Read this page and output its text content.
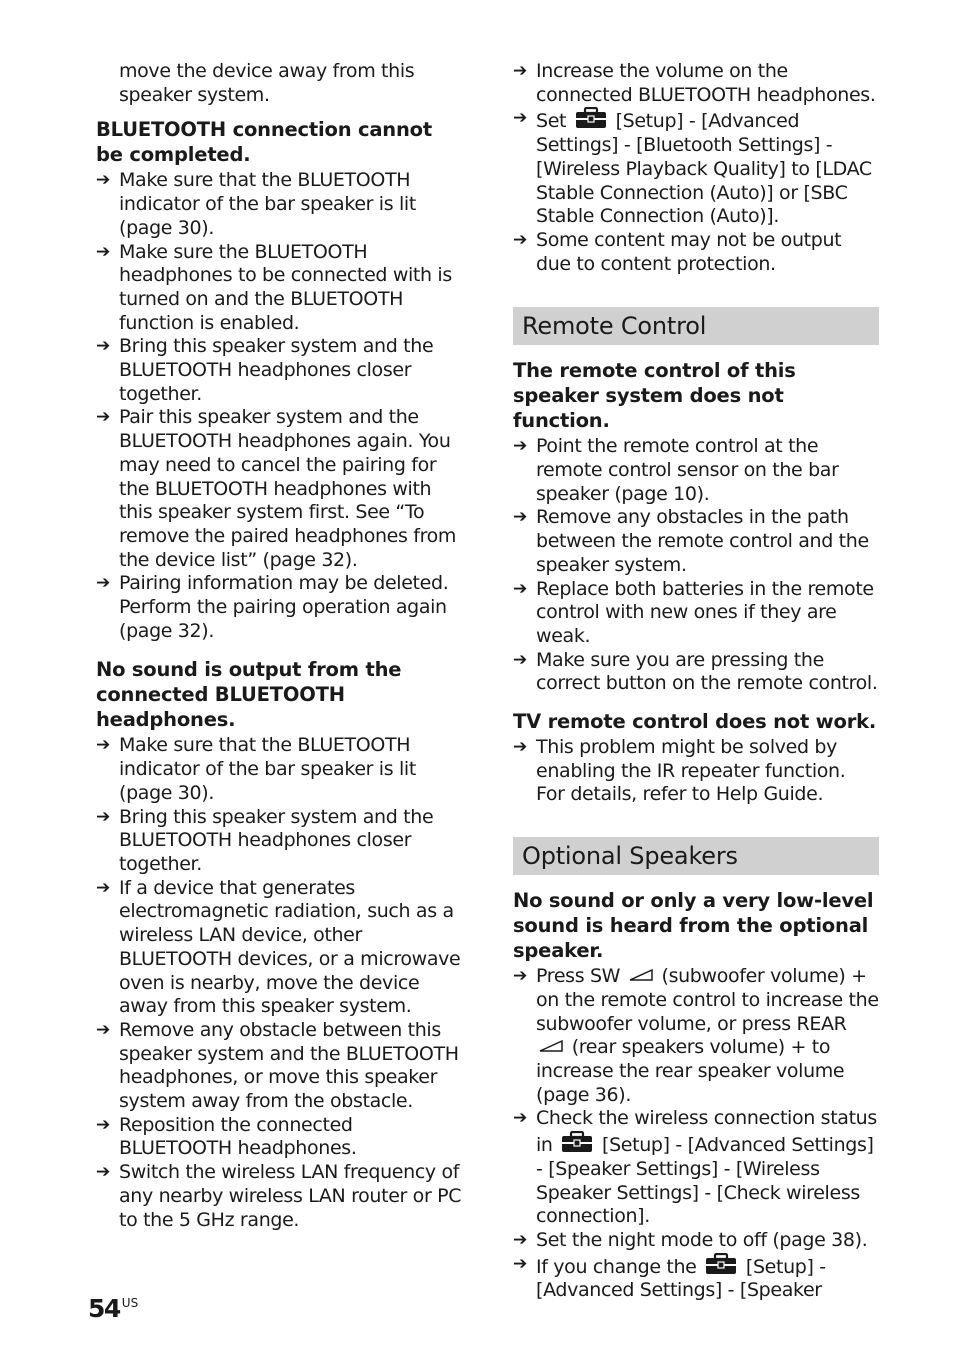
move the device away from this speaker system.

BLUETOOTH connection cannot be completed.
➔ Make sure that the BLUETOOTH indicator of the bar speaker is lit (page 30).
➔ Make sure the BLUETOOTH headphones to be connected with is turned on and the BLUETOOTH function is enabled.
➔ Bring this speaker system and the BLUETOOTH headphones closer together.
➔ Pair this speaker system and the BLUETOOTH headphones again. You may need to cancel the pairing for the BLUETOOTH headphones with this speaker system first. See “To remove the paired headphones from the device list” (page 32).
➔ Pairing information may be deleted. Perform the pairing operation again (page 32).
No sound is output from the connected BLUETOOTH headphones.
➔ Make sure that the BLUETOOTH indicator of the bar speaker is lit (page 30).
➔ Bring this speaker system and the BLUETOOTH headphones closer together.
➔ If a device that generates electromagnetic radiation, such as a wireless LAN device, other BLUETOOTH devices, or a microwave oven is nearby, move the device away from this speaker system.
➔ Remove any obstacle between this speaker system and the BLUETOOTH headphones, or move this speaker system away from the obstacle.
➔ Reposition the connected BLUETOOTH headphones.
➔ Switch the wireless LAN frequency of any nearby wireless LAN router or PC to the 5 GHz range.
➔ Increase the volume on the connected BLUETOOTH headphones.
➔ Set	[Setup] - [Advanced Settings] - [Bluetooth Settings] - [Wireless Playback Quality] to [LDAC Stable Connection (Auto)] or [SBC Stable Connection (Auto)].
➔ Some content may not be output due to content protection.
Remote Control
The remote control of this speaker system does not function.
➔ Point the remote control at the remote control sensor on the bar speaker (page 10).
➔ Remove any obstacles in the path between the remote control and the speaker system.
➔ Replace both batteries in the remote control with new ones if they are weak.
➔ Make sure you are pressing the correct button on the remote control.
TV remote control does not work.
➔ This problem might be solved by enabling the IR repeater function. For details, refer to Help Guide.
Optional Speakers
No sound or only a very low-level sound is heard from the optional speaker.
➔ Press SW (subwoofer volume) + on the remote control to increase the subwoofer volume, or press REAR  (rear speakers volume) + to increase the rear speaker volume (page 36).
➔ Check the wireless connection status in	[Setup] - [Advanced Settings] - [Speaker Settings] - [Wireless Speaker Settings] - [Check wireless connection].
➔ Set the night mode to off (page 38).
➔ If you change the	[Setup] - [Advanced Settings] - [Speaker
54 $^{US}$
